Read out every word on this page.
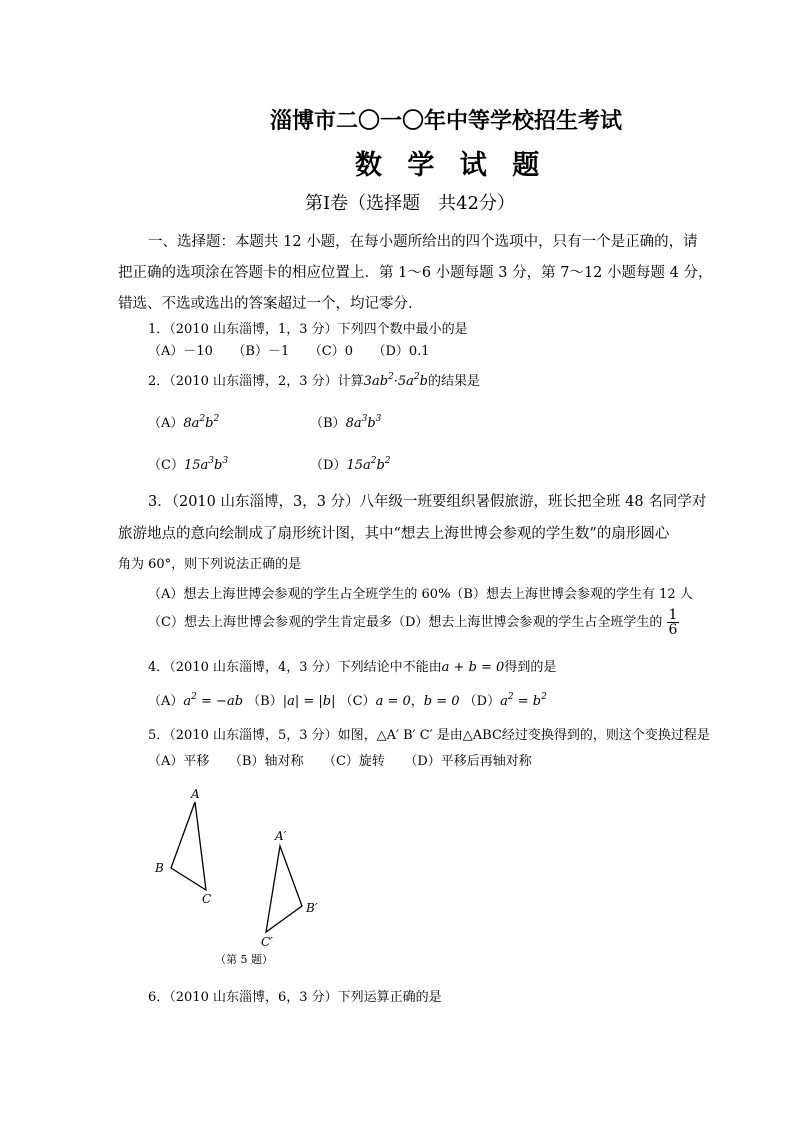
淄博市二〇一〇年中等学校招生考试
数 学 试 题
第Ⅰ卷（选择题　共42分）
一、选择题：本题共 12 小题，在每小题所给出的四个选项中，只有一个是正确的，请
把正确的选项涂在答题卡的相应位置上．第 1～6 小题每题 3 分，第 7～12 小题每题 4 分，
错选、不选或选出的答案超过一个，均记零分．
1．（2010 山东淄博，1，3 分）下列四个数中最小的是
（A）－10　　（B）－1　　（C）0　　（D）0.1
2．（2010 山东淄博，2，3 分）计算$3ab^2\cdot 5a^2b$的结果是
$(A)8a^2b^2$	$(B)8a^3b^3$
$(C)15a^3b^3$	$(D)15a^2b^2$
3．（2010 山东淄博，3，3 分）八年级一班要组织暑假旅游，班长把全班 48 名同学对
旅游地点的意向绘制成了扇形统计图，其中“想去上海世博会参观的学生数”的扇形圆心
角为 60°，则下列说法正确的是
（A）想去上海世博会参观的学生占全班学生的 60%（B）想去上海世博会参观的学生有 12 人
（C）想去上海世博会参观的学生肯定最多（D）想去上海世博会参观的学生占全班学生的 $\frac{1}{6}$
4．（2010 山东淄博，4，3 分）下列结论中不能由a + b = 0得到的是
$(A)a^2 = -ab$ （B）|a| = |b| （C）a = 0，b = 0 $(D)a^2 = b^2$
5．（2010 山东淄博，5，3 分）如图，△A′ B′ C′ 是由△ABC经过变换得到的，则这个变换过程是
（A）平移　　（B）轴对称　　（C）旋转　　（D）平移后再轴对称
A
B
C
A′
B′
C′
（第 5 题）
6．（2010 山东淄博，6，3 分）下列运算正确的是
